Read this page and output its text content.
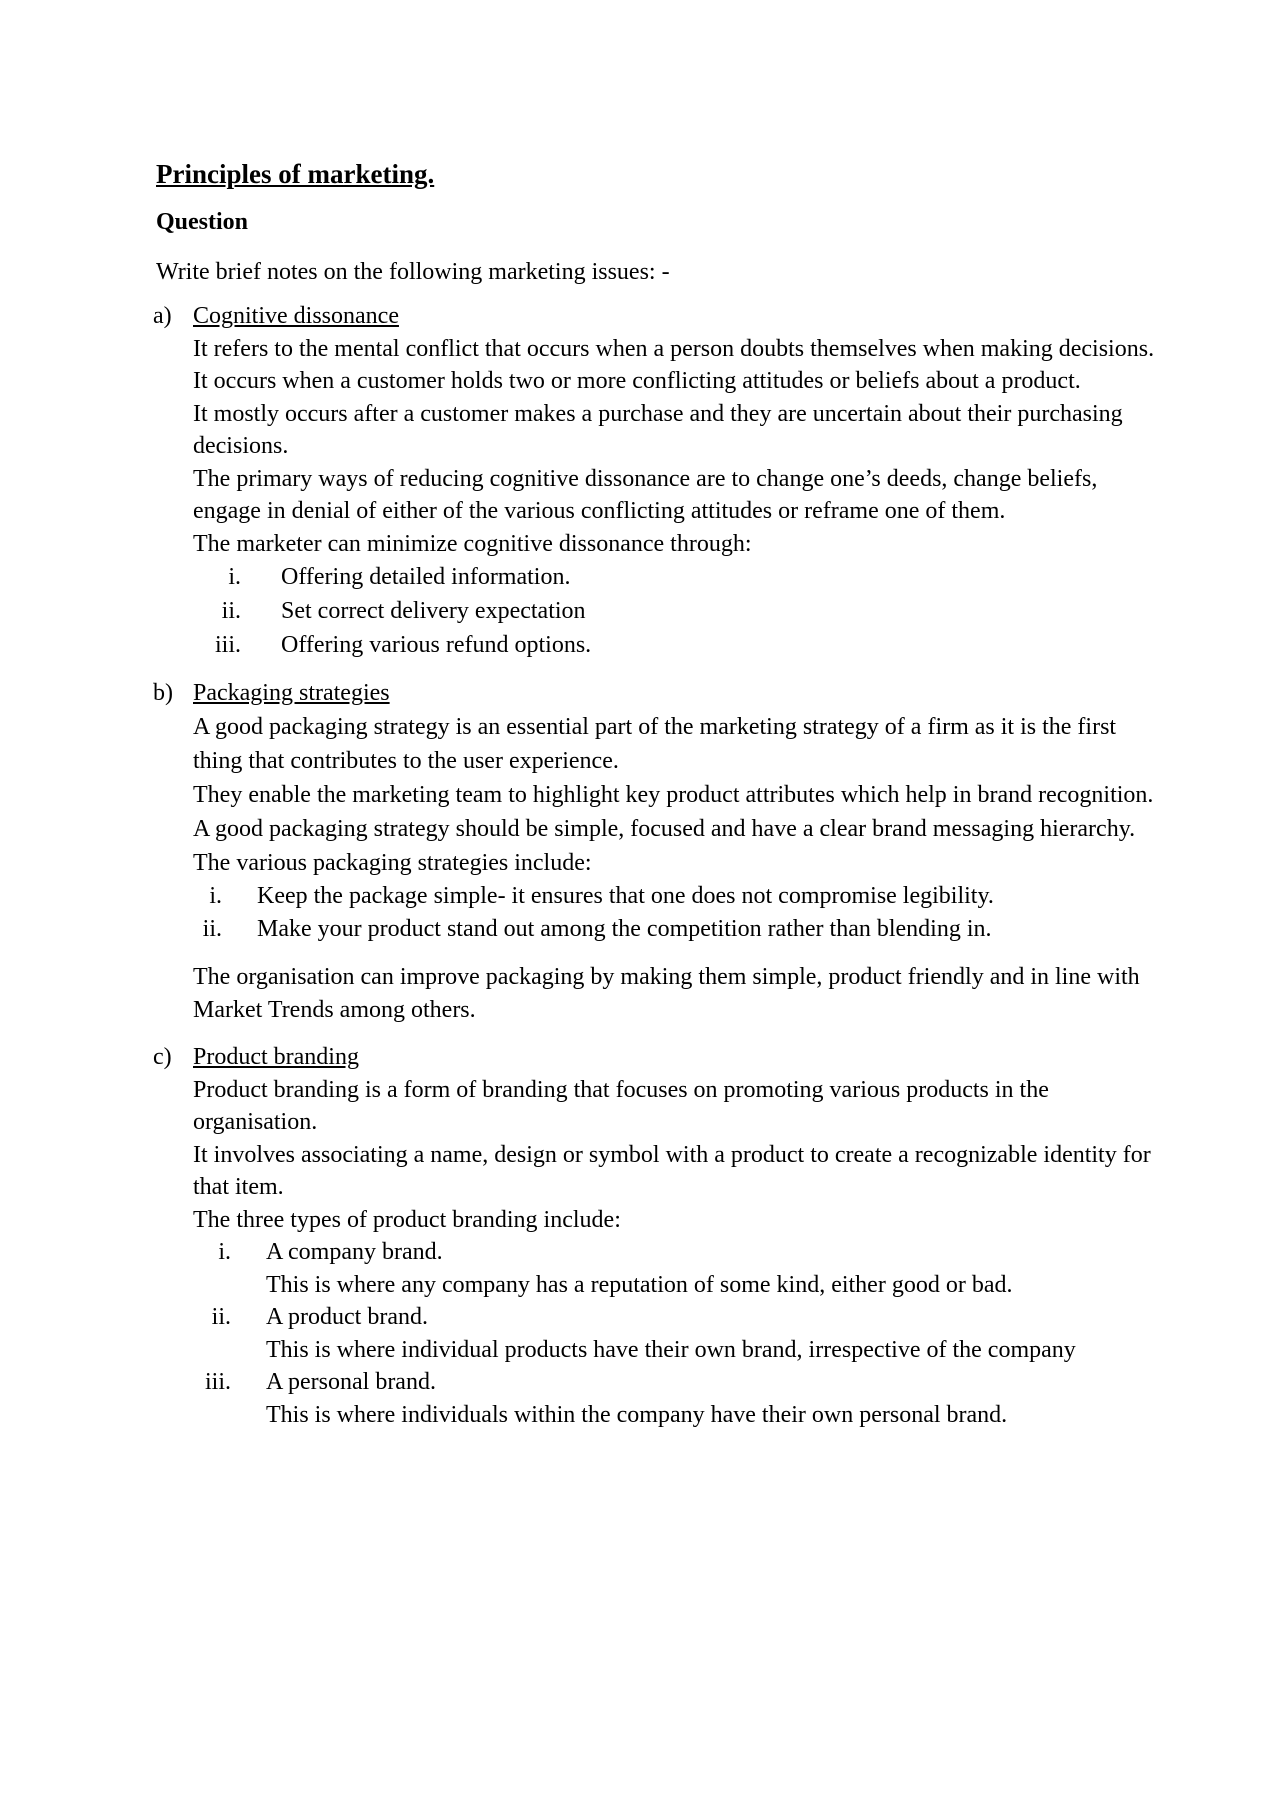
Principles of marketing.
Question
Write brief notes on the following marketing issues: -
a) Cognitive dissonance

It refers to the mental conflict that occurs when a person doubts themselves when making decisions.

It occurs when a customer holds two or more conflicting attitudes or beliefs about a product.

It mostly occurs after a customer makes a purchase and they are uncertain about their purchasing decisions.

The primary ways of reducing cognitive dissonance are to change one’s deeds, change beliefs, engage in denial of either of the various conflicting attitudes or reframe one of them.

The marketer can minimize cognitive dissonance through:

i. Offering detailed information.
ii. Set correct delivery expectation
iii. Offering various refund options.
b) Packaging strategies

A good packaging strategy is an essential part of the marketing strategy of a firm as it is the first thing that contributes to the user experience.

They enable the marketing team to highlight key product attributes which help in brand recognition.

A good packaging strategy should be simple, focused and have a clear brand messaging hierarchy.

The various packaging strategies include:

i. Keep the package simple- it ensures that one does not compromise legibility.
ii. Make your product stand out among the competition rather than blending in.

The organisation can improve packaging by making them simple, product friendly and in line with Market Trends among others.

c) Product branding

Product branding is a form of branding that focuses on promoting various products in the organisation.

It involves associating a name, design or symbol with a product to create a recognizable identity for that item.

The three types of product branding include:

i. A company brand.
This is where any company has a reputation of some kind, either good or bad.
ii. A product brand.
This is where individual products have their own brand, irrespective of the company
iii. A personal brand.
This is where individuals within the company have their own personal brand.
